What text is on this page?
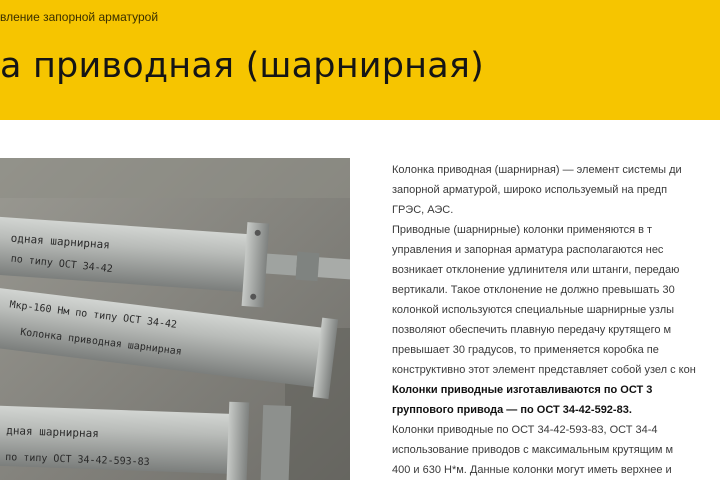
вление запорной арматурой
а приводная (шарнирная)
одная шарнирная
по типу ОСТ 34-42
Мкр-160 Нм по типу ОСТ 34-42
Колонка приводная шарнирная
дная шарнирная
по типу ОСТ 34-42-593-83

Колонка приводная (шарнирная) — элемент системы ди

запорной арматурой, широко используемый на предп

ГРЭС, АЭС.

Приводные (шарнирные) колонки применяются в т

управления и запорная арматура располагаются нес

возникает отклонение удлинителя или штанги, передаю

вертикали. Такое отклонение не должно превышать 30

колонкой используются специальные шарнирные узлы

позволяют обеспечить плавную передачу крутящего м

превышает 30 градусов, то применяется коробка пе

конструктивно этот элемент представляет собой узел с кон

Колонки приводные изготавливаются по ОСТ 3

группового привода — по ОСТ 34-42-592-83.

Колонки приводные по ОСТ 34-42-593-83, ОСТ 34-4

использование приводов с максимальным крутящим м

400 и 630 Н*м. Данные колонки могут иметь верхнее и
